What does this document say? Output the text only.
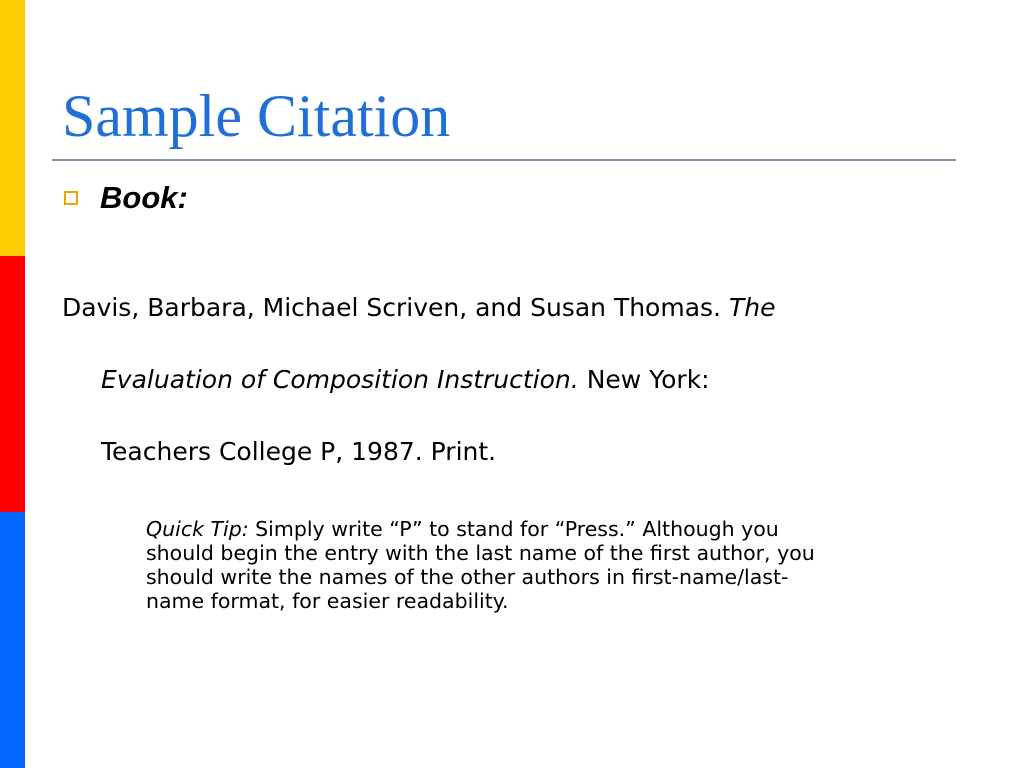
Sample Citation
Book:
Davis, Barbara, Michael Scriven, and Susan Thomas. The
Evaluation of Composition Instruction. New York:
Teachers College P, 1987. Print.

Quick Tip: Simply write “P” to stand for “Press.” Although you
should begin the entry with the last name of the first author, you
should write the names of the other authors in first-name/last-
name format, for easier readability.
